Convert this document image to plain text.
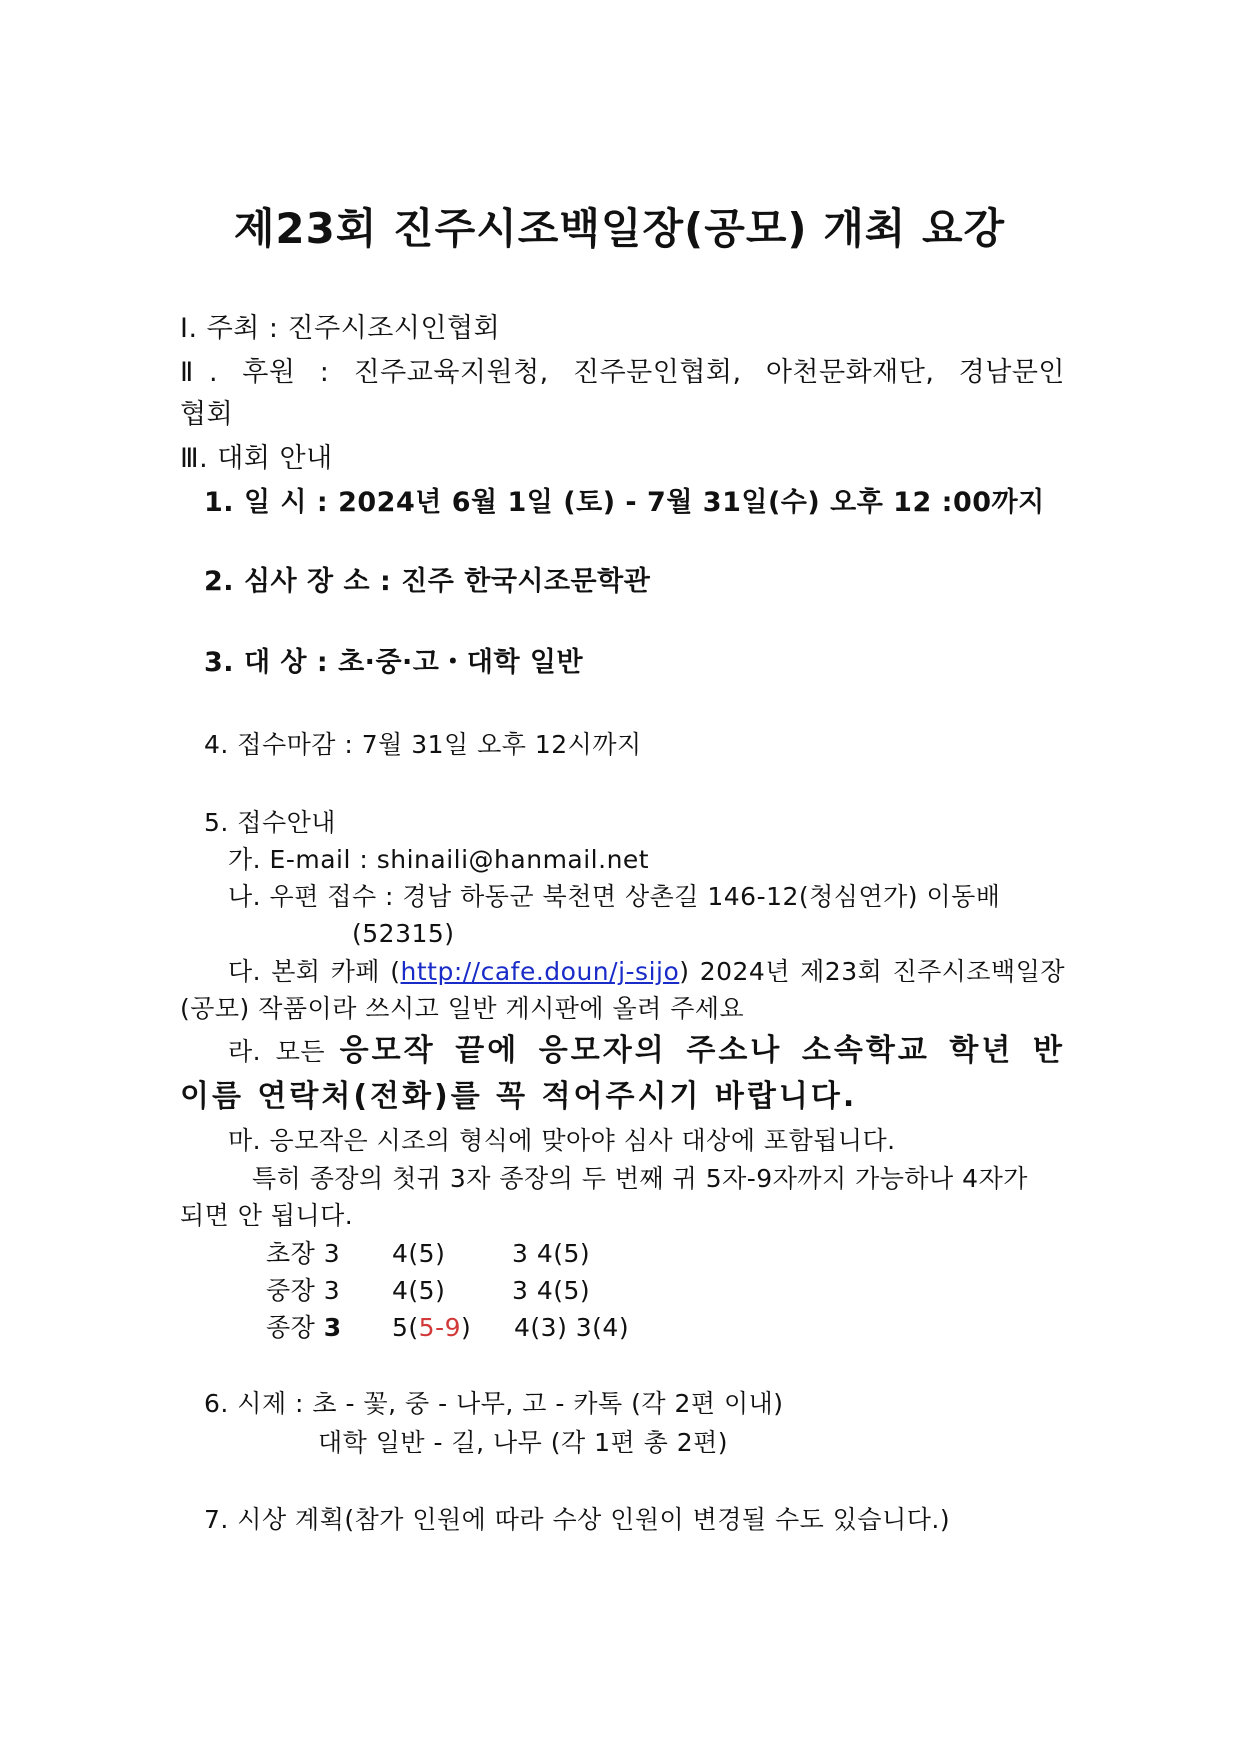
제23회 진주시조백일장(공모) 개최 요강
Ⅰ. 주최 : 진주시조시인협회
Ⅱ. 후원 : 진주교육지원청, 진주문인협회, 아천문화재단, 경남문인
협회
Ⅲ. 대회 안내
1. 일 시 : 2024년 6월 1일 (토) - 7월 31일(수) 오후 12 :00까지
2. 심사 장 소 : 진주 한국시조문학관
3. 대 상 : 초·중·고・대학 일반
4. 접수마감 : 7월 31일 오후 12시까지
5. 접수안내
가. E-mail : shinaili@hanmail.net
나. 우편 접수 : 경남 하동군 북천면 상촌길 146-12(청심연가) 이동배
(52315)
다. 본회 카페 (http://cafe.doun/j-sijo) 2024년 제23회 진주시조백일장
(공모) 작품이라 쓰시고 일반 게시판에 올려 주세요
라. 모든 응모작 끝에 응모자의 주소나 소속학교 학년 반
이름 연락처(전화)를 꼭 적어주시기 바랍니다.
마. 응모작은 시조의 형식에 맞아야 심사 대상에 포함됩니다.
특히 종장의 첫귀 3자 종장의 두 번째 귀 5자-9자까지 가능하나 4자가
되면 안 됩니다.
초장 3 4(5)	3 4(5)
중장 3 4(5)	3 4(5)
종장 3 5(5-9) 4(3) 3(4)
6. 시제 : 초 - 꽃, 중 - 나무, 고 - 카톡 (각 2편 이내)
대학 일반 - 길, 나무 (각 1편 총 2편)
7. 시상 계획(참가 인원에 따라 수상 인원이 변경될 수도 있습니다.)
